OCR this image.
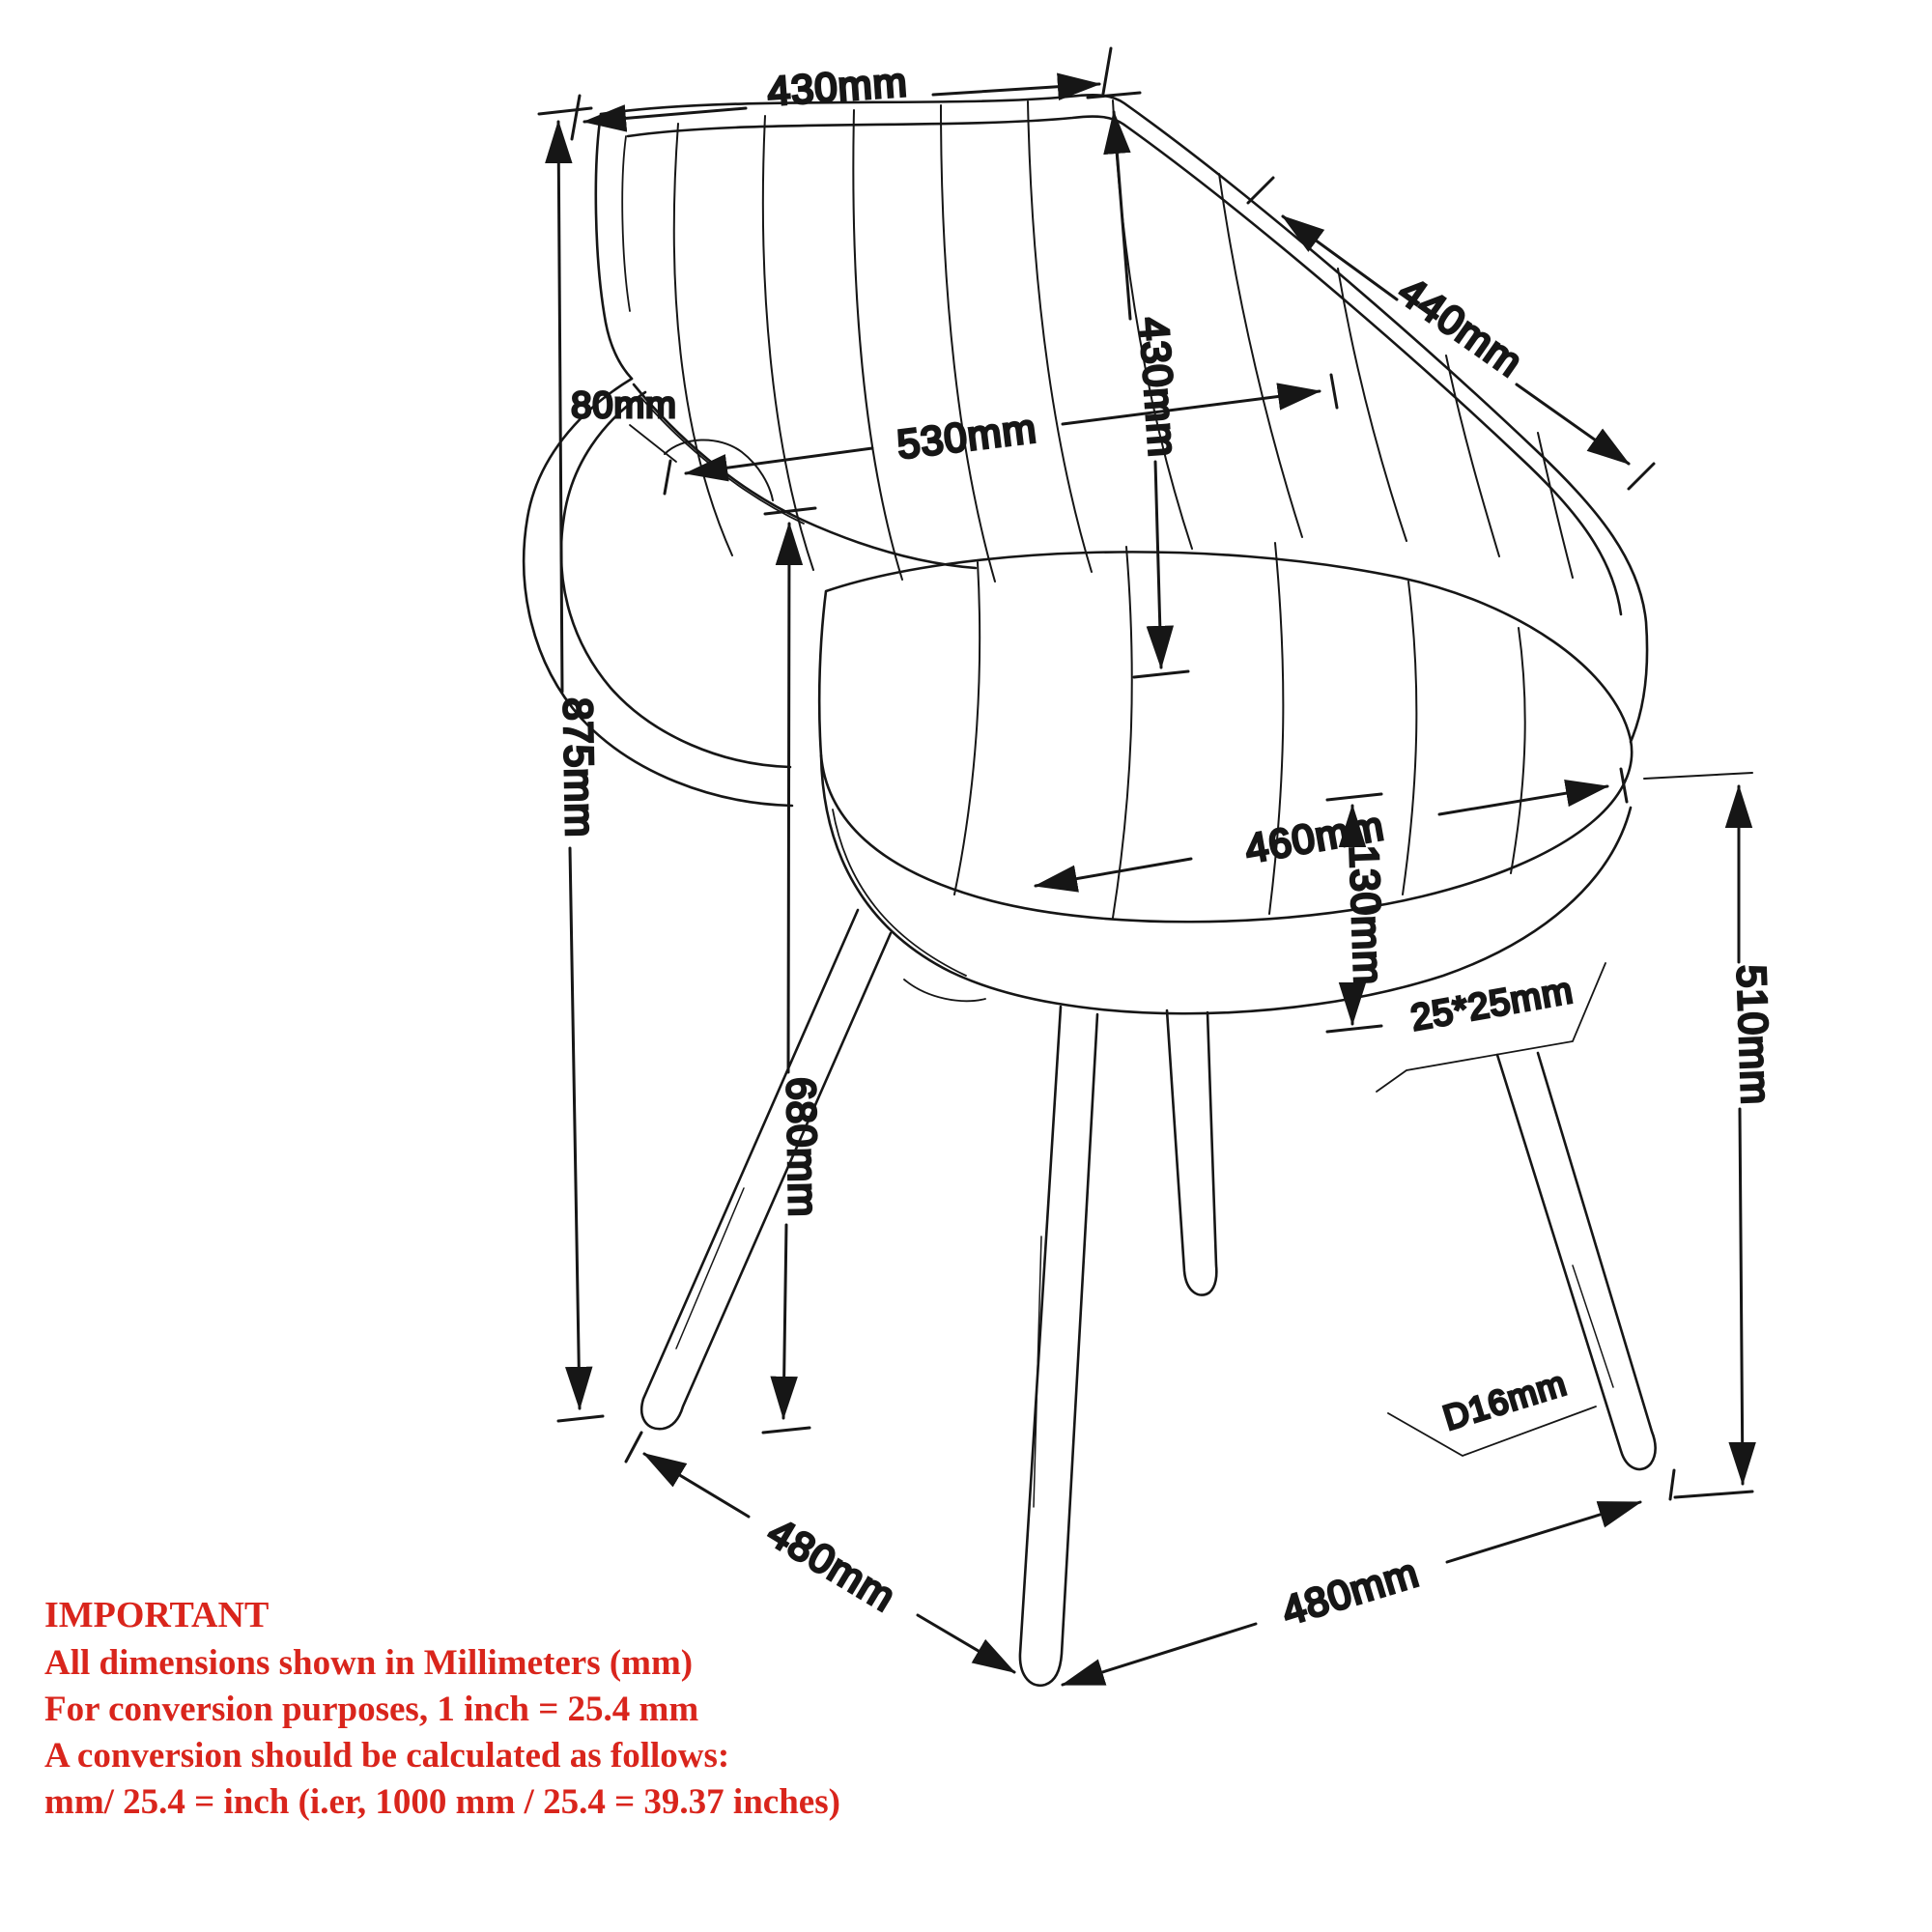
430mm
440mm
80mm	530mm 430mm
875mm
680mm
460mm
130mm
25*25mm	510mm
D16mm
480mm	480mm
IMPORTANT

All dimensions shown in Millimeters (mm)

For conversion purposes, 1 inch = 25.4 mm

A conversion should be calculated as follows:

mm/ 25.4 = inch (i.er, 1000 mm / 25.4 = 39.37 inches)
